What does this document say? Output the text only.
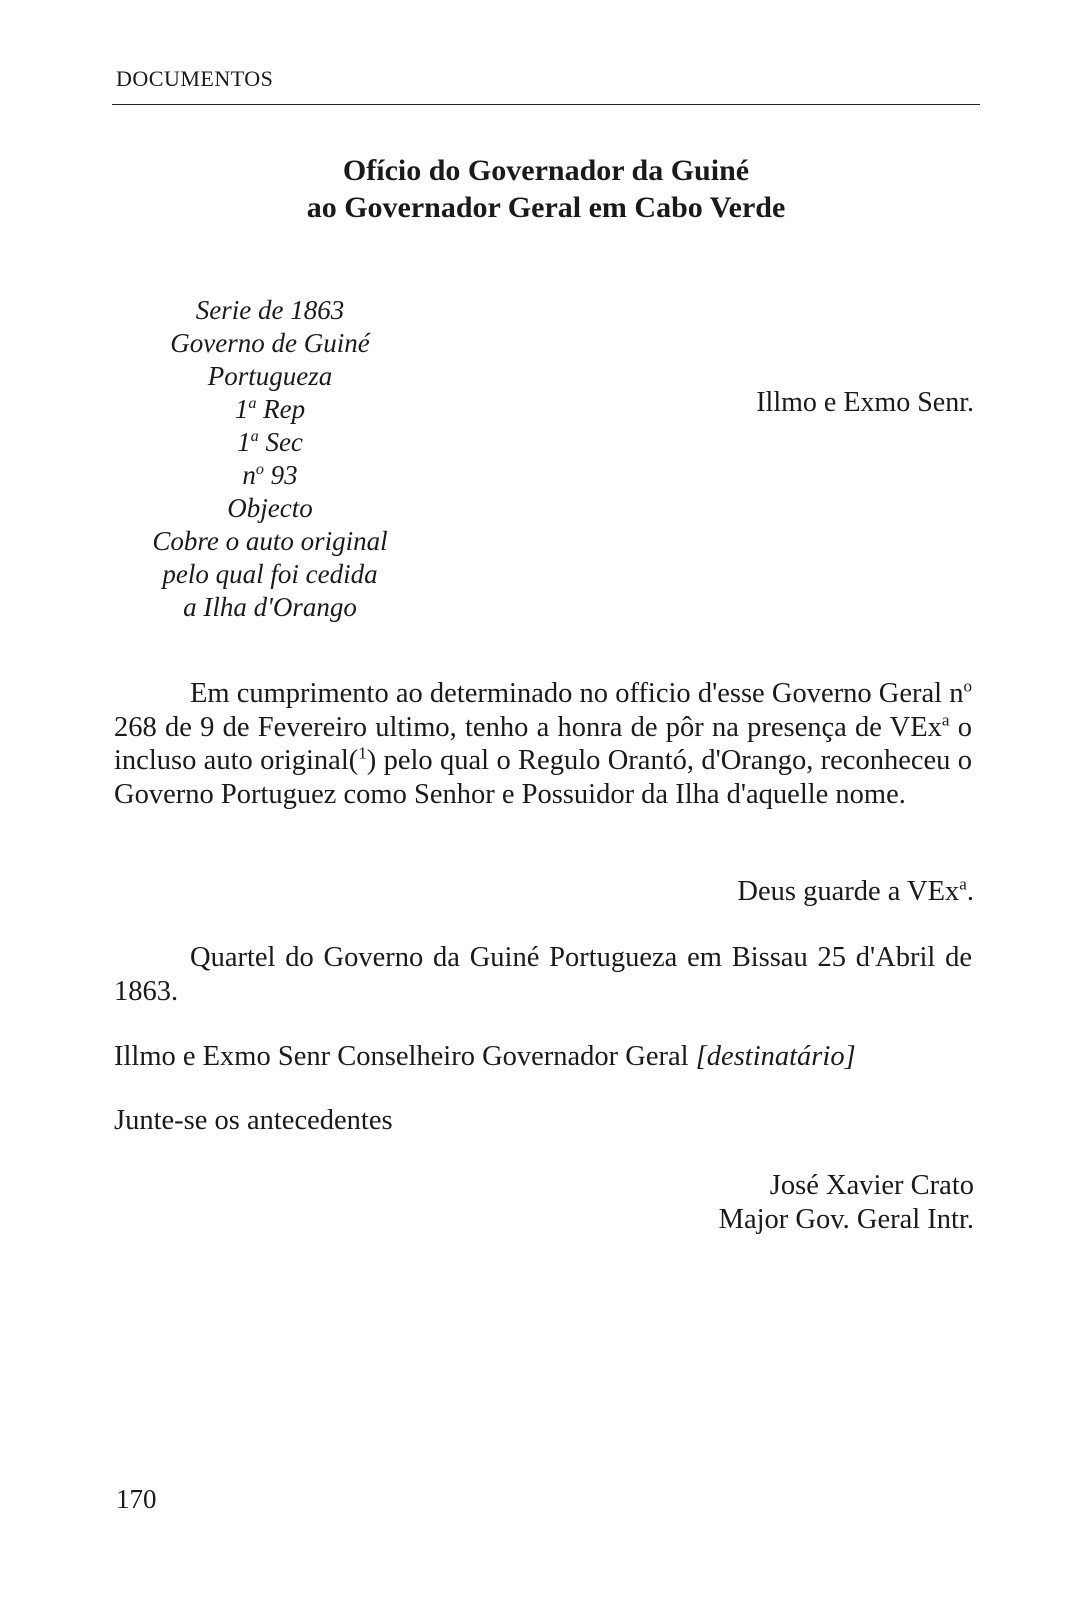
DOCUMENTOS
Ofício do Governador da Guiné
ao Governador Geral em Cabo Verde
Serie de 1863
Governo de Guiné
Portugueza
1$^a$ Rep
1$^a$ Sec
$n^o$ 93
Objecto
Cobre o auto original
pelo qual foi cedida
a Ilha d'Orango
Illmo e Exmo Senr.

Em cumprimento ao determinado no officio d'esse Governo Geral $n^o$ 268 de 9 de Fevereiro ultimo, tenho a honra de pôr na presença de VEx$^a$ o incluso auto original($^1$) pelo qual o Regulo Orantó, d'Orango, reconheceu o Governo Portuguez como Senhor e Possuidor da Ilha d'aquelle nome.

Deus guarde a VEx$^a$.

Quartel do Governo da Guiné Portugueza em Bissau 25 d'Abril de 1863.

Illmo e Exmo Senr Conselheiro Governador Geral [destinatário]
Junte-se os antecedentes
José Xavier Crato
Major Gov. Geral Intr.
170
